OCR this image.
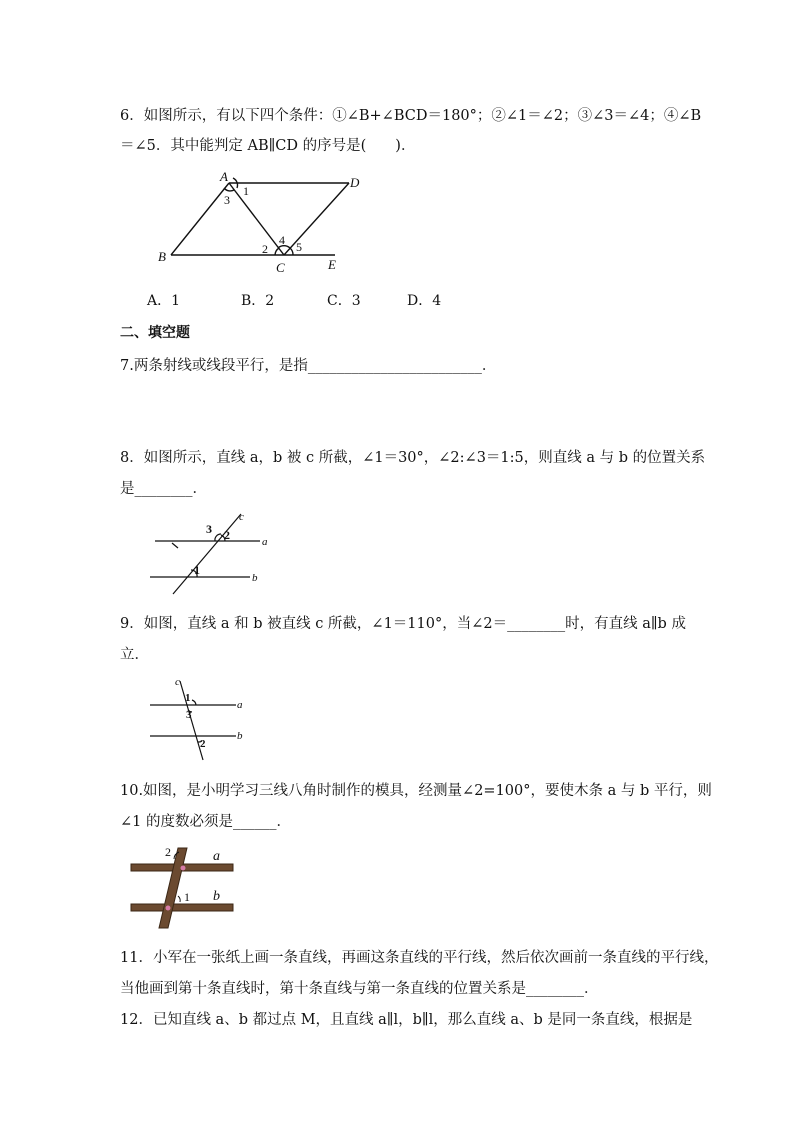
6．如图所示，有以下四个条件：①∠B+∠BCD＝180°；②∠1＝∠2；③∠3＝∠4；④∠B
＝∠5．其中能判定 AB∥CD 的序号是(　　)．
A	D
B
C	E
1
3
2
4 5
A．1	B．2	C．3	D．4
二、填空题
7.两条射线或线段平行，是指________________________．
8．如图所示，直线 a，b 被 c 所截，∠1＝30°，∠2:∠3＝1:5，则直线 a 与 b 的位置关系
是________．
c
a
b
3 2
1
9．如图，直线 a 和 b 被直线 c 所截，∠1＝110°，当∠2＝________时，有直线 a∥b 成
立．
c
a
b
1
3
2
10.如图，是小明学习三线八角时制作的模具，经测量∠2=100°，要使木条 a 与 b 平行，则
∠1 的度数必须是______．
2
1
a
b
11．小军在一张纸上画一条直线，再画这条直线的平行线，然后依次画前一条直线的平行线，
当他画到第十条直线时，第十条直线与第一条直线的位置关系是________．
12．已知直线 a、b 都过点 M，且直线 a∥l，b∥l，那么直线 a、b 是同一条直线，根据是
